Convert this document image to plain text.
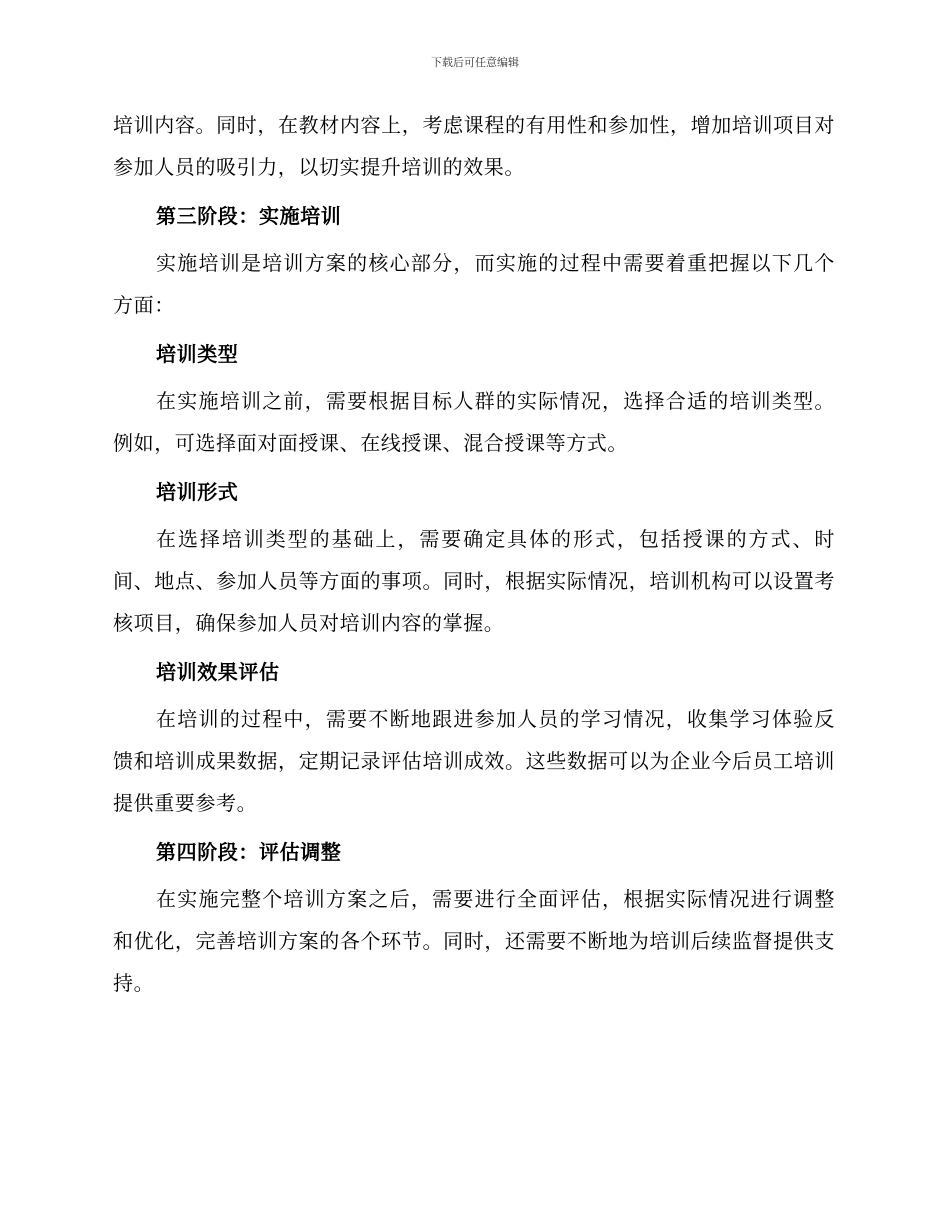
下载后可任意编辑

培训内容。同时，在教材内容上，考虑课程的有用性和参加性，增加培训项目对参加人员的吸引力，以切实提升培训的效果。

第三阶段：实施培训

实施培训是培训方案的核心部分，而实施的过程中需要着重把握以下几个方面：

培训类型

在实施培训之前，需要根据目标人群的实际情况，选择合适的培训类型。例如，可选择面对面授课、在线授课、混合授课等方式。

培训形式

在选择培训类型的基础上，需要确定具体的形式，包括授课的方式、时间、地点、参加人员等方面的事项。同时，根据实际情况，培训机构可以设置考核项目，确保参加人员对培训内容的掌握。

培训效果评估

在培训的过程中，需要不断地跟进参加人员的学习情况，收集学习体验反馈和培训成果数据，定期记录评估培训成效。这些数据可以为企业今后员工培训提供重要参考。

第四阶段：评估调整

在实施完整个培训方案之后，需要进行全面评估，根据实际情况进行调整和优化，完善培训方案的各个环节。同时，还需要不断地为培训后续监督提供支持。
